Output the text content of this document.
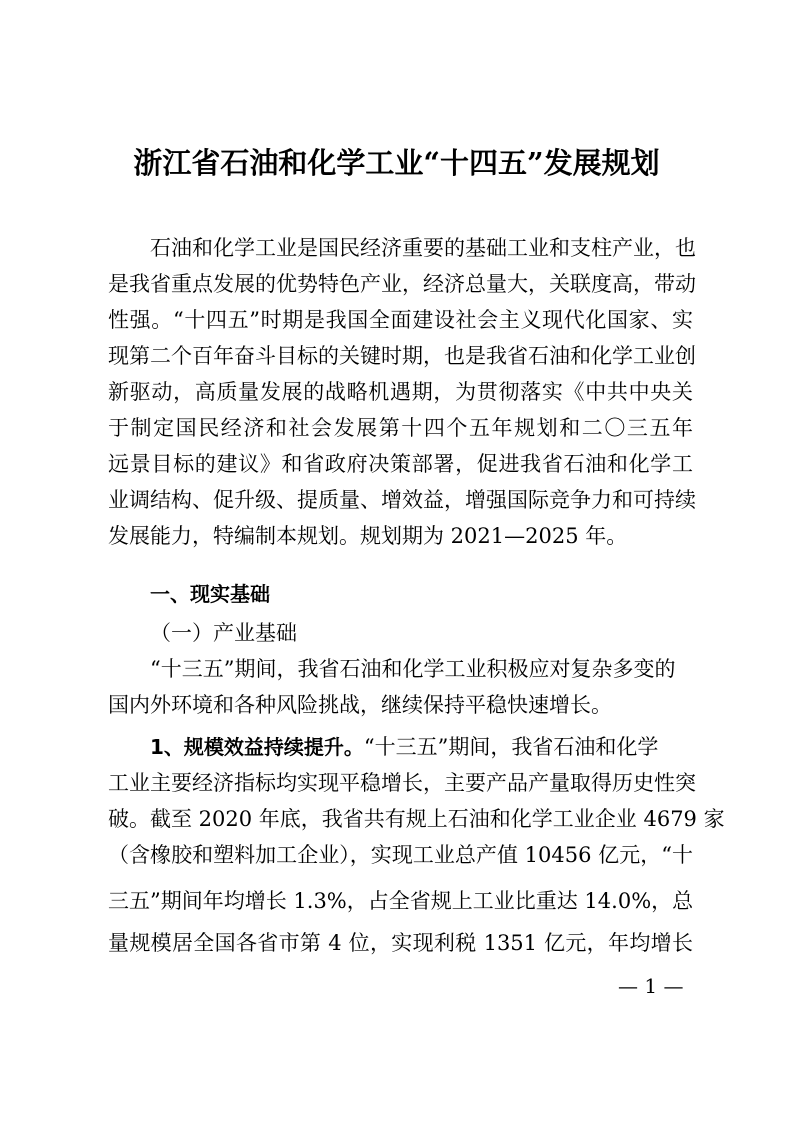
浙江省石油和化学工业“十四五”发展规划

石油和化学工业是国民经济重要的基础工业和支柱产业，也

是我省重点发展的优势特色产业，经济总量大，关联度高，带动

性强。“十四五”时期是我国全面建设社会主义现代化国家、实

现第二个百年奋斗目标的关键时期，也是我省石油和化学工业创

新驱动，高质量发展的战略机遇期，为贯彻落实《中共中央关

于制定国民经济和社会发展第十四个五年规划和二〇三五年

远景目标的建议》和省政府决策部署，促进我省石油和化学工

业调结构、促升级、提质量、增效益，增强国际竞争力和可持续

发展能力，特编制本规划。规划期为 2021—2025 年。

一、现实基础

（一）产业基础

“十三五”期间，我省石油和化学工业积极应对复杂多变的

国内外环境和各种风险挑战，继续保持平稳快速增长。

1、规模效益持续提升。“十三五”期间，我省石油和化学

工业主要经济指标均实现平稳增长，主要产品产量取得历史性突

破。截至 2020 年底，我省共有规上石油和化学工业企业 4679 家

（含橡胶和塑料加工企业），实现工业总产值 10456 亿元，“十

三五”期间年均增长 1.3%，占全省规上工业比重达 14.0%，总

量规模居全国各省市第 4 位，实现利税 1351 亿元，年均增长

— 1 —
